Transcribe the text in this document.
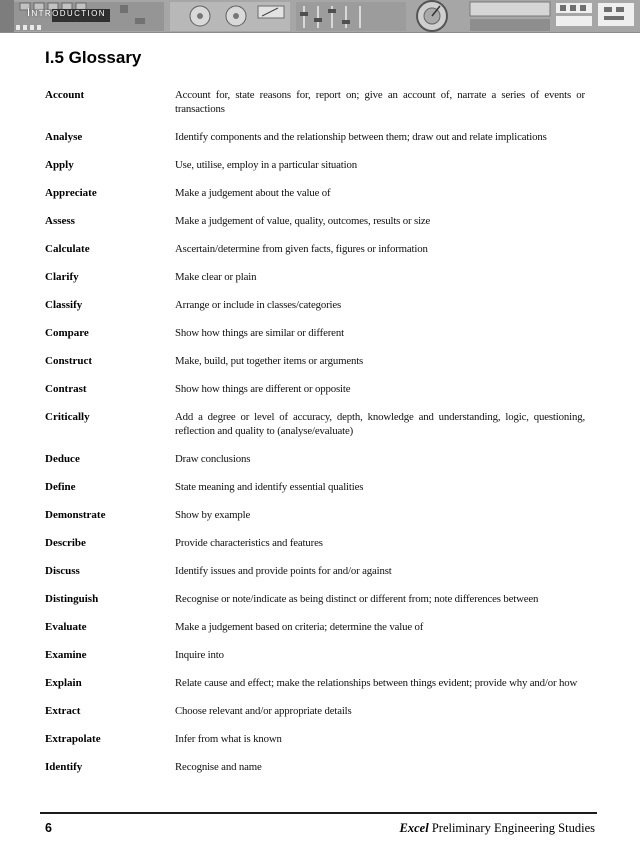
Introduction
I.5 Glossary
Account	Account for, state reasons for, report on; give an account of, narrate a series of events or transactions
Analyse	Identify components and the relationship between them; draw out and relate implications
Apply	Use, utilise, employ in a particular situation
Appreciate	Make a judgement about the value of
Assess	Make a judgement of value, quality, outcomes, results or size
Calculate	Ascertain/determine from given facts, figures or information
Clarify	Make clear or plain
Classify	Arrange or include in classes/categories
Compare	Show how things are similar or different
Construct	Make, build, put together items or arguments
Contrast	Show how things are different or opposite
Critically	Add a degree or level of accuracy, depth, knowledge and understanding, logic, questioning, reflection and quality to (analyse/evaluate)
Deduce	Draw conclusions
Define	State meaning and identify essential qualities
Demonstrate	Show by example
Describe	Provide characteristics and features
Discuss	Identify issues and provide points for and/or against
Distinguish	Recognise or note/indicate as being distinct or different from; note differences between
Evaluate	Make a judgement based on criteria; determine the value of
Examine	Inquire into
Explain	Relate cause and effect; make the relationships between things evident; provide why and/or how
Extract	Choose relevant and/or appropriate details
Extrapolate	Infer from what is known
Identify	Recognise and name
6	Excel Preliminary Engineering Studies
